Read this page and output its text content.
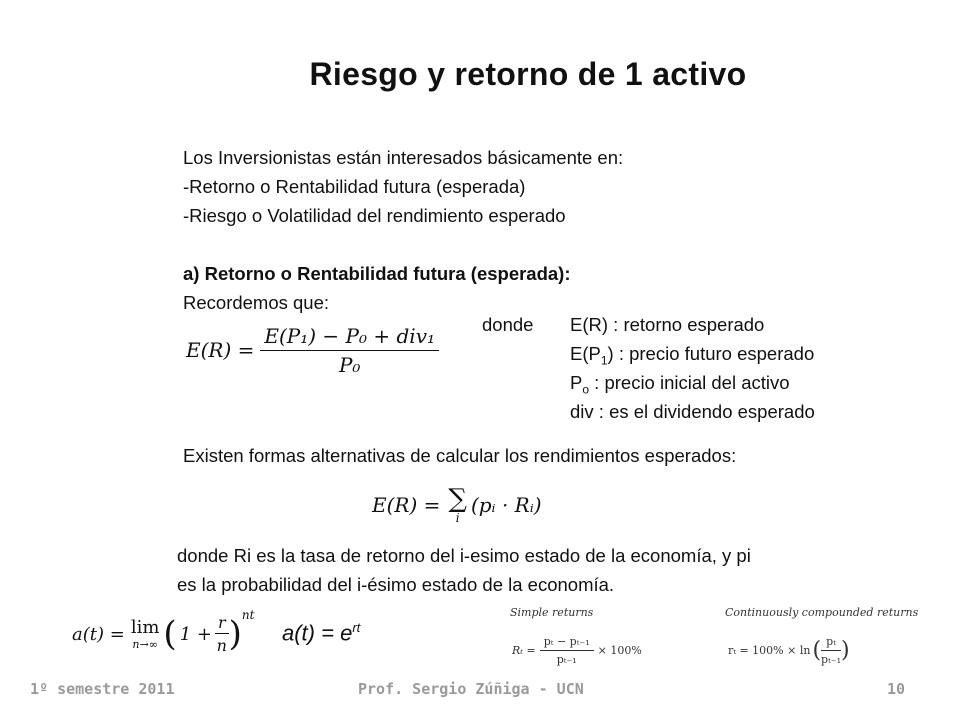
Riesgo y retorno de 1 activo
Los Inversionistas están interesados básicamente en:
-Retorno o Rentabilidad futura (esperada)
-Riesgo o Volatilidad del rendimiento esperado
a) Retorno o Rentabilidad futura (esperada):
Recordemos que:
$E(R) = \frac{\text{E(P₁) − P₀ + div₁}}{\text{P₀}}$ donde E(R) : retorno esperado
$E(P_1)$ : precio futuro esperado
$P_o$ : precio inicial del activo
div : es el dividendo esperado
Existen formas alternativas de calcular los rendimientos esperados:
E(R) = ∑
i
(pᵢ · Rᵢ)
donde Ri es la tasa de retorno del i-esimo estado de la economía, y pi
es la probabilidad del i-ésimo estado de la economía.
a(t) = lim
n→∞ ( $1 + \frac{r}{n} )^{nt}$
$a(t) = e^{rt}$
Simple returns
$R_t = \frac{\text{pₜ − pₜ₋₁}}{\text{pₜ₋₁}} \times 100\%$
Continuously compounded returns
rₜ = 100% × ln ( $\frac{\text{pₜ}}{\text{pₜ₋₁}}$ )
1º semestre 2011	Prof. Sergio Zúñiga - UCN	10
